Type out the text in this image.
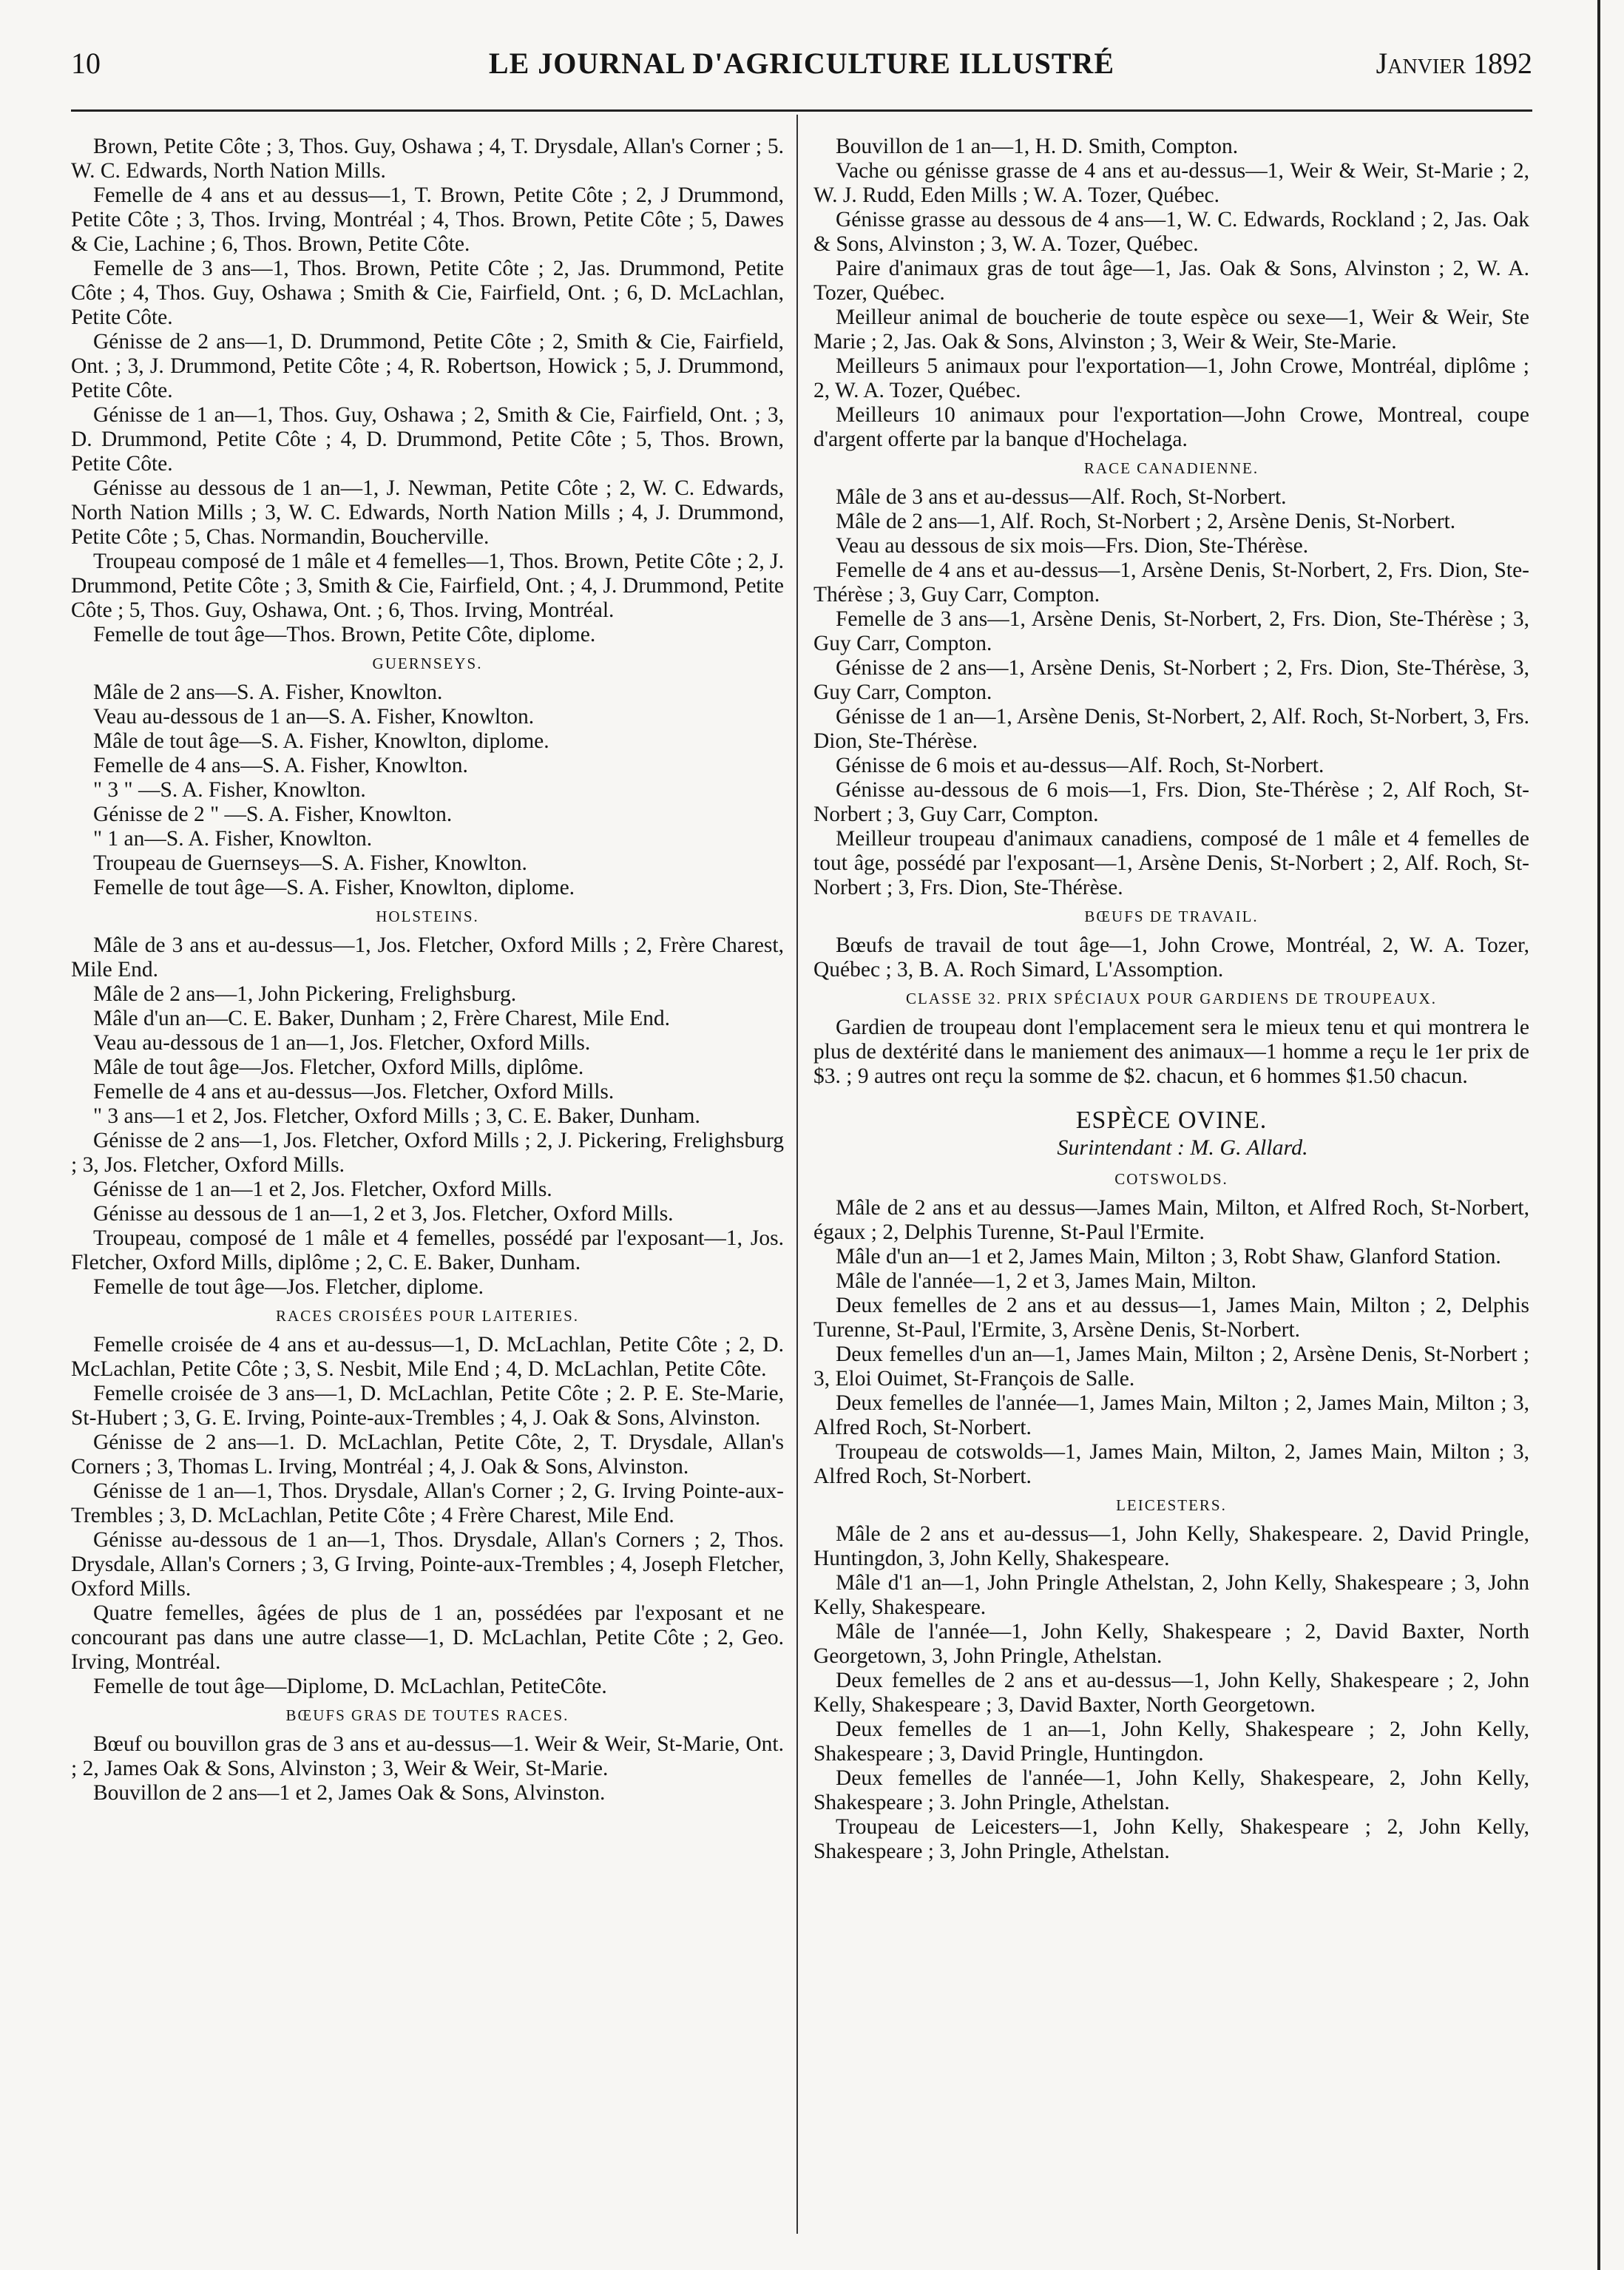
10	LE JOURNAL D'AGRICULTURE ILLUSTRÉ	Janvier 1892

Brown, Petite Côte ; 3, Thos. Guy, Oshawa ; 4, T. Drysdale, Allan's Corner ; 5. W. C. Edwards, North Nation Mills.

Femelle de 4 ans et au dessus—1, T. Brown, Petite Côte ; 2, J Drummond, Petite Côte ; 3, Thos. Irving, Montréal ; 4, Thos. Brown, Petite Côte ; 5, Dawes & Cie, Lachine ; 6, Thos. Brown, Petite Côte.

Femelle de 3 ans—1, Thos. Brown, Petite Côte ; 2, Jas. Drummond, Petite Côte ; 4, Thos. Guy, Oshawa ; Smith & Cie, Fairfield, Ont. ; 6, D. McLachlan, Petite Côte.

Génisse de 2 ans—1, D. Drummond, Petite Côte ; 2, Smith & Cie, Fairfield, Ont. ; 3, J. Drummond, Petite Côte ; 4, R. Robertson, Howick ; 5, J. Drummond, Petite Côte.

Génisse de 1 an—1, Thos. Guy, Oshawa ; 2, Smith & Cie, Fairfield, Ont. ; 3, D. Drummond, Petite Côte ; 4, D. Drummond, Petite Côte ; 5, Thos. Brown, Petite Côte.

Génisse au dessous de 1 an—1, J. Newman, Petite Côte ; 2, W. C. Edwards, North Nation Mills ; 3, W. C. Edwards, North Nation Mills ; 4, J. Drummond, Petite Côte ; 5, Chas. Normandin, Boucherville.

Troupeau composé de 1 mâle et 4 femelles—1, Thos. Brown, Petite Côte ; 2, J. Drummond, Petite Côte ; 3, Smith & Cie, Fairfield, Ont. ; 4, J. Drummond, Petite Côte ; 5, Thos. Guy, Oshawa, Ont. ; 6, Thos. Irving, Montréal.

Femelle de tout âge—Thos. Brown, Petite Côte, diplome.

GUERNSEYS.

Mâle de 2 ans—S. A. Fisher, Knowlton.

Veau au-dessous de 1 an—S. A. Fisher, Knowlton.

Mâle de tout âge—S. A. Fisher, Knowlton, diplome.

Femelle de 4 ans—S. A. Fisher, Knowlton.

" 3 " —S. A. Fisher, Knowlton.

Génisse de 2 " —S. A. Fisher, Knowlton.

" 1 an—S. A. Fisher, Knowlton.

Troupeau de Guernseys—S. A. Fisher, Knowlton.

Femelle de tout âge—S. A. Fisher, Knowlton, diplome.

HOLSTEINS.

Mâle de 3 ans et au-dessus—1, Jos. Fletcher, Oxford Mills ; 2, Frère Charest, Mile End.

Mâle de 2 ans—1, John Pickering, Frelighsburg.

Mâle d'un an—C. E. Baker, Dunham ; 2, Frère Charest, Mile End.

Veau au-dessous de 1 an—1, Jos. Fletcher, Oxford Mills.

Mâle de tout âge—Jos. Fletcher, Oxford Mills, diplôme.

Femelle de 4 ans et au-dessus—Jos. Fletcher, Oxford Mills.

" 3 ans—1 et 2, Jos. Fletcher, Oxford Mills ; 3, C. E. Baker, Dunham.

Génisse de 2 ans—1, Jos. Fletcher, Oxford Mills ; 2, J. Pickering, Frelighsburg ; 3, Jos. Fletcher, Oxford Mills.

Génisse de 1 an—1 et 2, Jos. Fletcher, Oxford Mills.

Génisse au dessous de 1 an—1, 2 et 3, Jos. Fletcher, Oxford Mills.

Troupeau, composé de 1 mâle et 4 femelles, possédé par l'exposant—1, Jos. Fletcher, Oxford Mills, diplôme ; 2, C. E. Baker, Dunham.

Femelle de tout âge—Jos. Fletcher, diplome.

RACES CROISÉES POUR LAITERIES.

Femelle croisée de 4 ans et au-dessus—1, D. McLachlan, Petite Côte ; 2, D. McLachlan, Petite Côte ; 3, S. Nesbit, Mile End ; 4, D. McLachlan, Petite Côte.

Femelle croisée de 3 ans—1, D. McLachlan, Petite Côte ; 2. P. E. Ste-Marie, St-Hubert ; 3, G. E. Irving, Pointe-aux-Trembles ; 4, J. Oak & Sons, Alvinston.

Génisse de 2 ans—1. D. McLachlan, Petite Côte, 2, T. Drysdale, Allan's Corners ; 3, Thomas L. Irving, Montréal ; 4, J. Oak & Sons, Alvinston.

Génisse de 1 an—1, Thos. Drysdale, Allan's Corner ; 2, G. Irving Pointe-aux-Trembles ; 3, D. McLachlan, Petite Côte ; 4 Frère Charest, Mile End.

Génisse au-dessous de 1 an—1, Thos. Drysdale, Allan's Corners ; 2, Thos. Drysdale, Allan's Corners ; 3, G Irving, Pointe-aux-Trembles ; 4, Joseph Fletcher, Oxford Mills.

Quatre femelles, âgées de plus de 1 an, possédées par l'exposant et ne concourant pas dans une autre classe—1, D. McLachlan, Petite Côte ; 2, Geo. Irving, Montréal.

Femelle de tout âge—Diplome, D. McLachlan, PetiteCôte.

BŒUFS GRAS DE TOUTES RACES.

Bœuf ou bouvillon gras de 3 ans et au-dessus—1. Weir & Weir, St-Marie, Ont. ; 2, James Oak & Sons, Alvinston ; 3, Weir & Weir, St-Marie.

Bouvillon de 2 ans—1 et 2, James Oak & Sons, Alvinston.

Bouvillon de 1 an—1, H. D. Smith, Compton.

Vache ou génisse grasse de 4 ans et au-dessus—1, Weir & Weir, St-Marie ; 2, W. J. Rudd, Eden Mills ; W. A. Tozer, Québec.

Génisse grasse au dessous de 4 ans—1, W. C. Edwards, Rockland ; 2, Jas. Oak & Sons, Alvinston ; 3, W. A. Tozer, Québec.

Paire d'animaux gras de tout âge—1, Jas. Oak & Sons, Alvinston ; 2, W. A. Tozer, Québec.

Meilleur animal de boucherie de toute espèce ou sexe—1, Weir & Weir, Ste Marie ; 2, Jas. Oak & Sons, Alvinston ; 3, Weir & Weir, Ste-Marie.

Meilleurs 5 animaux pour l'exportation—1, John Crowe, Montréal, diplôme ; 2, W. A. Tozer, Québec.

Meilleurs 10 animaux pour l'exportation—John Crowe, Montreal, coupe d'argent offerte par la banque d'Hochelaga.

RACE CANADIENNE.

Mâle de 3 ans et au-dessus—Alf. Roch, St-Norbert.

Mâle de 2 ans—1, Alf. Roch, St-Norbert ; 2, Arsène Denis, St-Norbert.

Veau au dessous de six mois—Frs. Dion, Ste-Thérèse.

Femelle de 4 ans et au-dessus—1, Arsène Denis, St-Norbert, 2, Frs. Dion, Ste-Thérèse ; 3, Guy Carr, Compton.

Femelle de 3 ans—1, Arsène Denis, St-Norbert, 2, Frs. Dion, Ste-Thérèse ; 3, Guy Carr, Compton.

Génisse de 2 ans—1, Arsène Denis, St-Norbert ; 2, Frs. Dion, Ste-Thérèse, 3, Guy Carr, Compton.

Génisse de 1 an—1, Arsène Denis, St-Norbert, 2, Alf. Roch, St-Norbert, 3, Frs. Dion, Ste-Thérèse.

Génisse de 6 mois et au-dessus—Alf. Roch, St-Norbert.

Génisse au-dessous de 6 mois—1, Frs. Dion, Ste-Thérèse ; 2, Alf Roch, St-Norbert ; 3, Guy Carr, Compton.

Meilleur troupeau d'animaux canadiens, composé de 1 mâle et 4 femelles de tout âge, possédé par l'exposant—1, Arsène Denis, St-Norbert ; 2, Alf. Roch, St-Norbert ; 3, Frs. Dion, Ste-Thérèse.

BŒUFS DE TRAVAIL.

Bœufs de travail de tout âge—1, John Crowe, Montréal, 2, W. A. Tozer, Québec ; 3, B. A. Roch Simard, L'Assomption.

CLASSE 32. PRIX SPÉCIAUX POUR GARDIENS DE TROUPEAUX.

Gardien de troupeau dont l'emplacement sera le mieux tenu et qui montrera le plus de dextérité dans le maniement des animaux—1 homme a reçu le 1er prix de $3. ; 9 autres ont reçu la somme de $2. chacun, et 6 hommes $1.50 chacun.

ESPÈCE OVINE.

Surintendant : M. G. Allard.

COTSWOLDS.

Mâle de 2 ans et au dessus—James Main, Milton, et Alfred Roch, St-Norbert, égaux ; 2, Delphis Turenne, St-Paul l'Ermite.

Mâle d'un an—1 et 2, James Main, Milton ; 3, Robt Shaw, Glanford Station.

Mâle de l'année—1, 2 et 3, James Main, Milton.

Deux femelles de 2 ans et au dessus—1, James Main, Milton ; 2, Delphis Turenne, St-Paul, l'Ermite, 3, Arsène Denis, St-Norbert.

Deux femelles d'un an—1, James Main, Milton ; 2, Arsène Denis, St-Norbert ; 3, Eloi Ouimet, St-François de Salle.

Deux femelles de l'année—1, James Main, Milton ; 2, James Main, Milton ; 3, Alfred Roch, St-Norbert.

Troupeau de cotswolds—1, James Main, Milton, 2, James Main, Milton ; 3, Alfred Roch, St-Norbert.

LEICESTERS.

Mâle de 2 ans et au-dessus—1, John Kelly, Shakespeare. 2, David Pringle, Huntingdon, 3, John Kelly, Shakespeare.

Mâle d'1 an—1, John Pringle Athelstan, 2, John Kelly, Shakespeare ; 3, John Kelly, Shakespeare.

Mâle de l'année—1, John Kelly, Shakespeare ; 2, David Baxter, North Georgetown, 3, John Pringle, Athelstan.

Deux femelles de 2 ans et au-dessus—1, John Kelly, Shakespeare ; 2, John Kelly, Shakespeare ; 3, David Baxter, North Georgetown.

Deux femelles de 1 an—1, John Kelly, Shakespeare ; 2, John Kelly, Shakespeare ; 3, David Pringle, Huntingdon.

Deux femelles de l'année—1, John Kelly, Shakespeare, 2, John Kelly, Shakespeare ; 3. John Pringle, Athelstan.

Troupeau de Leicesters—1, John Kelly, Shakespeare ; 2, John Kelly, Shakespeare ; 3, John Pringle, Athelstan.
